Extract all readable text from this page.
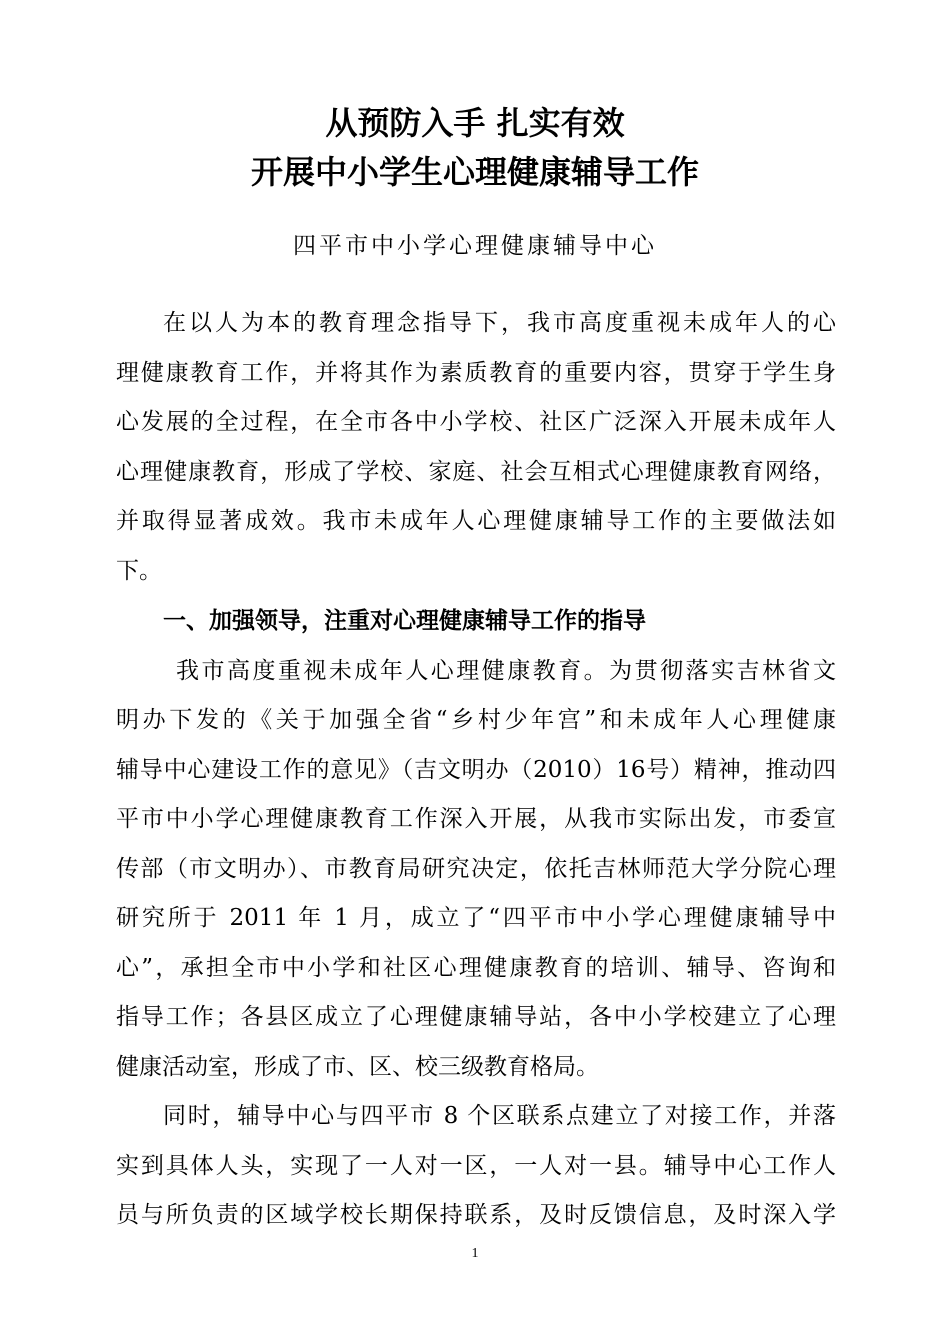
从预防入手 扎实有效
开展中小学生心理健康辅导工作
四平市中小学心理健康辅导中心
在以人为本的教育理念指导下，我市高度重视未成年人的心
理健康教育工作，并将其作为素质教育的重要内容，贯穿于学生身
心发展的全过程，在全市各中小学校、社区广泛深入开展未成年人
心理健康教育，形成了学校、家庭、社会互相式心理健康教育网络，
并取得显著成效。我市未成年人心理健康辅导工作的主要做法如
下。
一、加强领导，注重对心理健康辅导工作的指导
我市高度重视未成年人心理健康教育。为贯彻落实吉林省文
明办下发的《关于加强全省“乡村少年宫”和未成年人心理健康
辅导中心建设工作的意见》（吉文明办（2010）16号）精神，推动四
平市中小学心理健康教育工作深入开展，从我市实际出发，市委宣
传部（市文明办）、市教育局研究决定，依托吉林师范大学分院心理
研究所于 2011 年 1 月，成立了“四平市中小学心理健康辅导中
心”，承担全市中小学和社区心理健康教育的培训、辅导、咨询和
指导工作；各县区成立了心理健康辅导站，各中小学校建立了心理
健康活动室，形成了市、区、校三级教育格局。
同时，辅导中心与四平市 8 个区联系点建立了对接工作，并落
实到具体人头，实现了一人对一区，一人对一县。辅导中心工作人
员与所负责的区域学校长期保持联系，及时反馈信息，及时深入学
1
